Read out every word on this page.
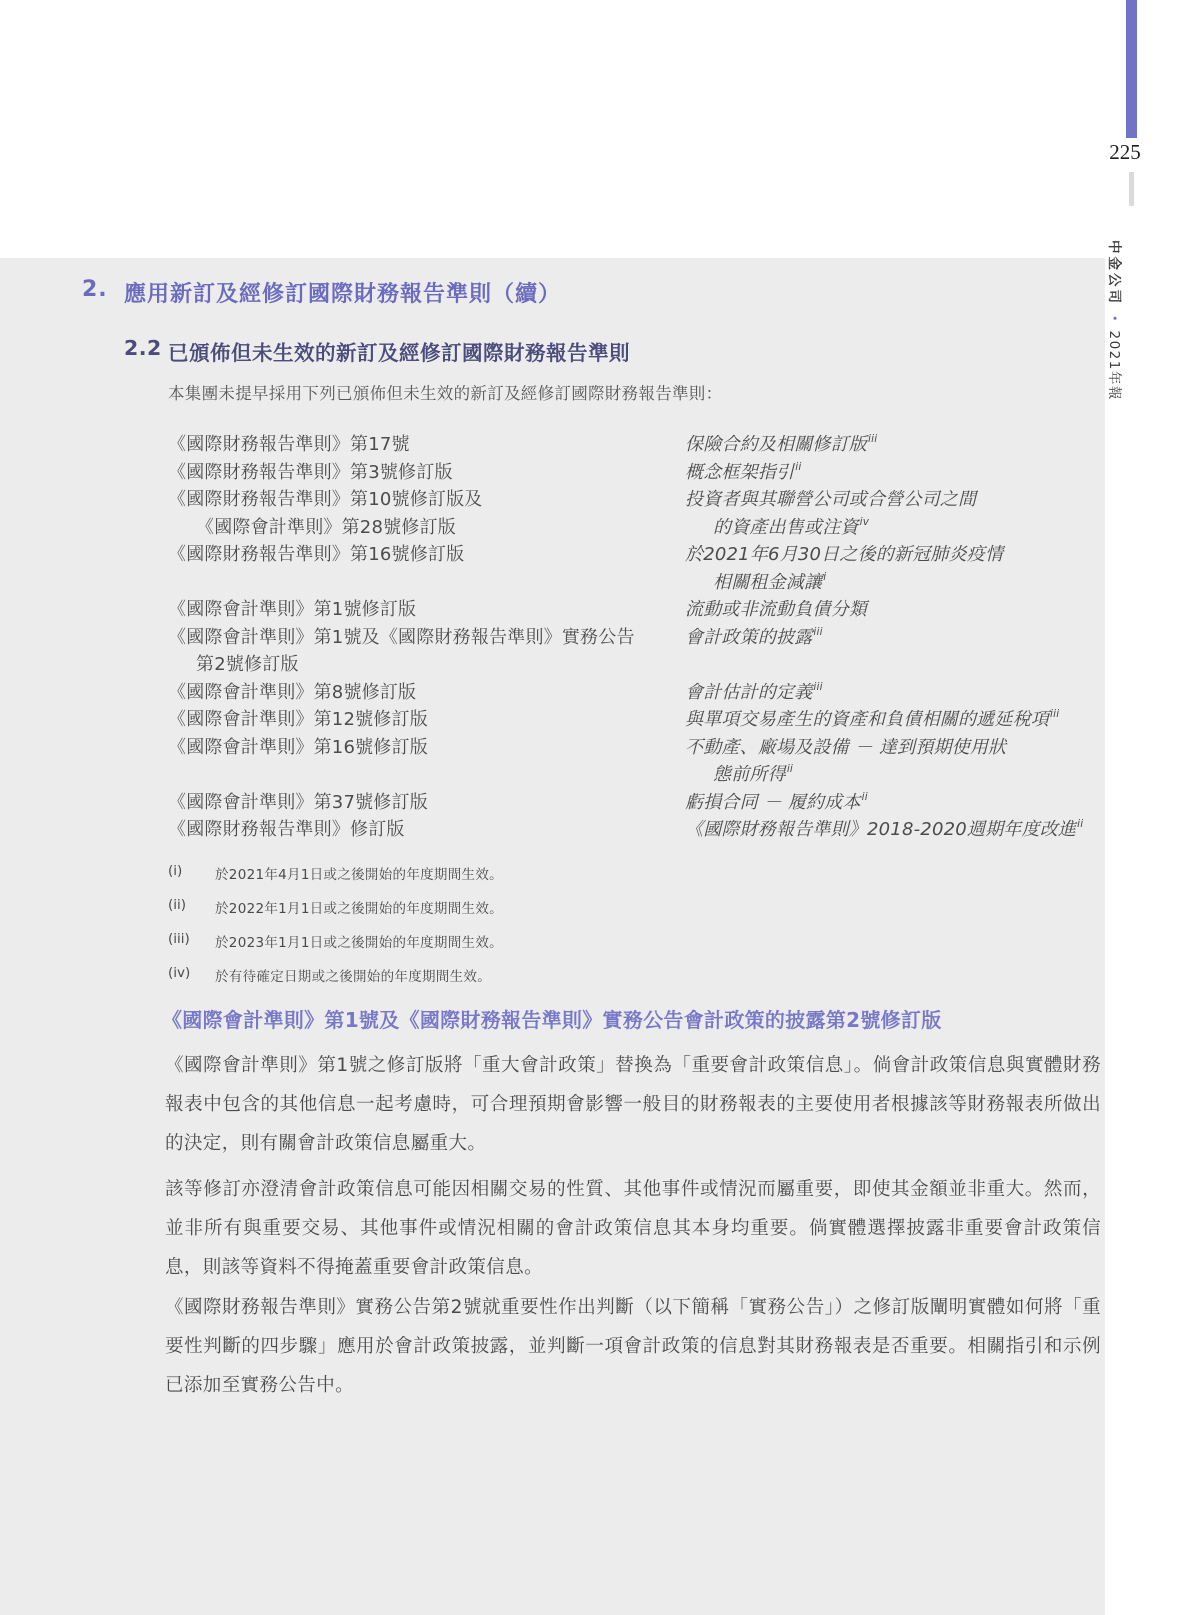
225
中金公司•2021年報
2. 應用新訂及經修訂國際財務報告準則（續）
2.2 已頒佈但未生效的新訂及經修訂國際財務報告準則
本集團未提早採用下列已頒佈但未生效的新訂及經修訂國際財務報告準則：
《國際財務報告準則》第17號	保險合約及相關修訂版$^{iii}$
《國際財務報告準則》第3號修訂版	概念框架指引$^{ii}$
《國際財務報告準則》第10號修訂版及	投資者與其聯營公司或合營公司之間
《國際會計準則》第28號修訂版	的資產出售或注資$^{iv}$
《國際財務報告準則》第16號修訂版	於2021年6月30日之後的新冠肺炎疫情
相關租金減讓$^i$
《國際會計準則》第1號修訂版	流動或非流動負債分類
《國際會計準則》第1號及《國際財務報告準則》實務公告	會計政策的披露$^{iii}$
第2號修訂版
《國際會計準則》第8號修訂版	會計估計的定義$^{iii}$
《國際會計準則》第12號修訂版	與單項交易產生的資產和負債相關的遞延稅項$^{iii}$
《國際會計準則》第16號修訂版	不動產、廠場及設備 － 達到預期使用狀
態前所得$^{ii}$
《國際會計準則》第37號修訂版	虧損合同 － 履約成本$^{ii}$
《國際財務報告準則》修訂版	《國際財務報告準則》2018-2020週期年度改進$^{ii}$
(i)	於2021年4月1日或之後開始的年度期間生效。
(ii)	於2022年1月1日或之後開始的年度期間生效。
(iii)	於2023年1月1日或之後開始的年度期間生效。
(iv)	於有待確定日期或之後開始的年度期間生效。
《國際會計準則》第1號及《國際財務報告準則》實務公告會計政策的披露第2號修訂版
《國際會計準則》第1號之修訂版將「重大會計政策」替換為「重要會計政策信息」。倘會計政策信息與實體財務報表中包含的其他信息一起考慮時，可合理預期會影響一般目的財務報表的主要使用者根據該等財務報表所做出的決定，則有關會計政策信息屬重大。
該等修訂亦澄清會計政策信息可能因相關交易的性質、其他事件或情況而屬重要，即使其金額並非重大。然而，並非所有與重要交易、其他事件或情況相關的會計政策信息其本身均重要。倘實體選擇披露非重要會計政策信息，則該等資料不得掩蓋重要會計政策信息。
《國際財務報告準則》實務公告第2號就重要性作出判斷（以下簡稱「實務公告」）之修訂版闡明實體如何將「重要性判斷的四步驟」應用於會計政策披露，並判斷一項會計政策的信息對其財務報表是否重要。相關指引和示例已添加至實務公告中。
